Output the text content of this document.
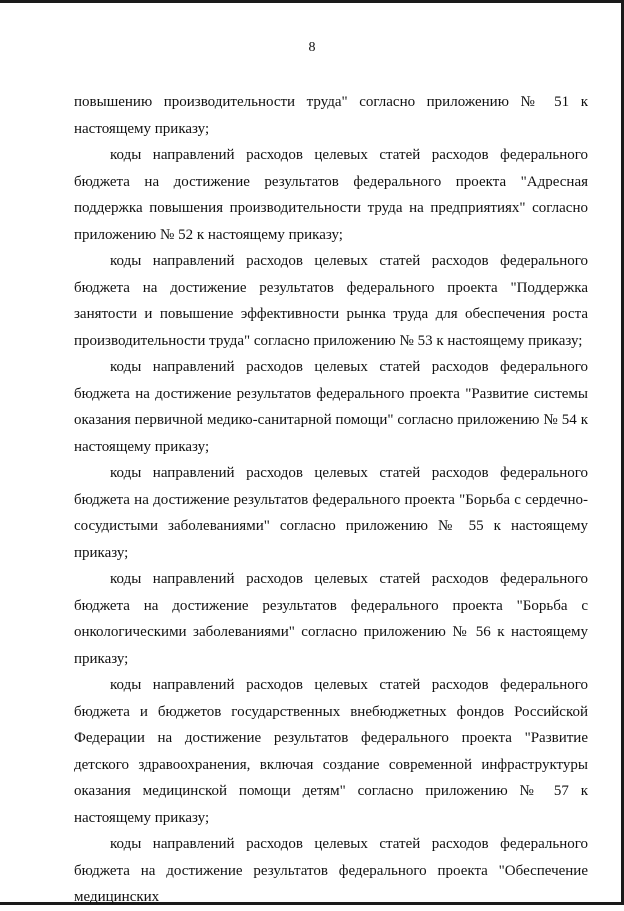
8

повышению производительности труда" согласно приложению № 51 к настоящему приказу;

коды направлений расходов целевых статей расходов федерального бюджета на достижение результатов федерального проекта "Адресная поддержка повышения производительности труда на предприятиях" согласно приложению № 52 к настоящему приказу;

коды направлений расходов целевых статей расходов федерального бюджета на достижение результатов федерального проекта "Поддержка занятости и повышение эффективности рынка труда для обеспечения роста производительности труда" согласно приложению № 53 к настоящему приказу;

коды направлений расходов целевых статей расходов федерального бюджета на достижение результатов федерального проекта "Развитие системы оказания первичной медико-санитарной помощи" согласно приложению № 54 к настоящему приказу;

коды направлений расходов целевых статей расходов федерального бюджета на достижение результатов федерального проекта "Борьба с сердечно-сосудистыми заболеваниями" согласно приложению № 55 к настоящему приказу;

коды направлений расходов целевых статей расходов федерального бюджета на достижение результатов федерального проекта "Борьба с онкологическими заболеваниями" согласно приложению № 56 к настоящему приказу;

коды направлений расходов целевых статей расходов федерального бюджета и бюджетов государственных внебюджетных фондов Российской Федерации на достижение результатов федерального проекта "Развитие детского здравоохранения, включая создание современной инфраструктуры оказания медицинской помощи детям" согласно приложению № 57 к настоящему приказу;

коды направлений расходов целевых статей расходов федерального бюджета на достижение результатов федерального проекта "Обеспечение медицинских
